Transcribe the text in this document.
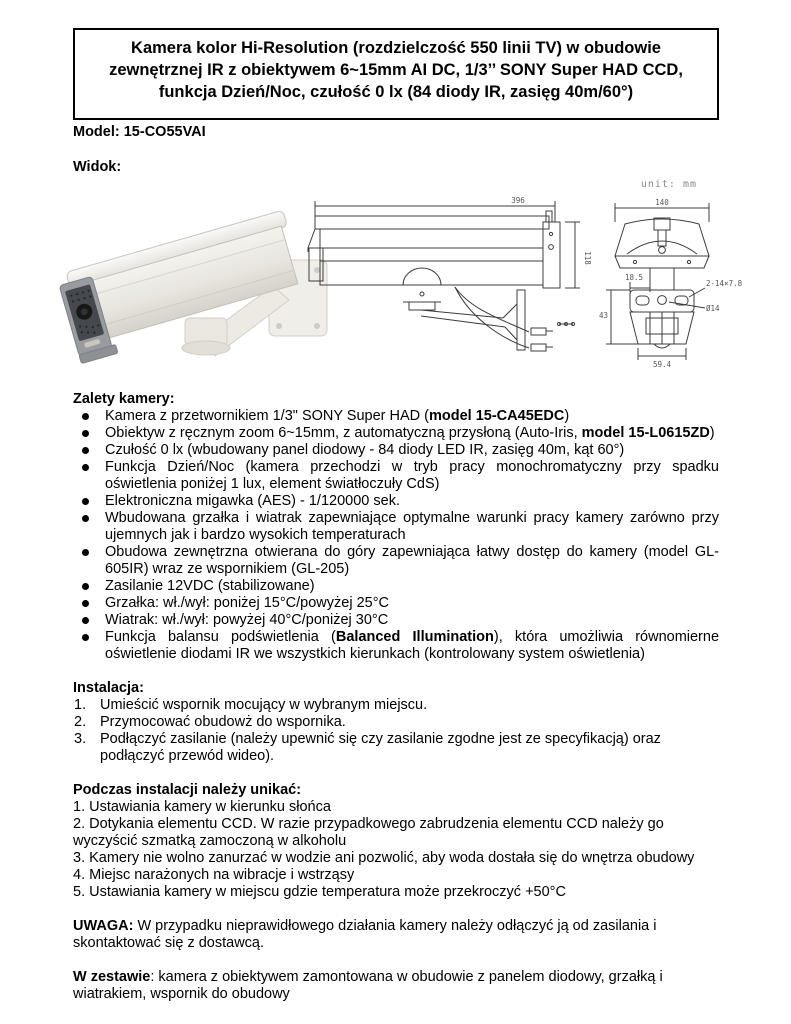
Kamera kolor Hi-Resolution (rozdzielczość 550 linii TV) w obudowie
zewnętrznej IR z obiektywem 6~15mm AI DC, 1/3’’ SONY Super HAD CCD,
funkcja Dzień/Noc, czułość 0 lx (84 diody IR, zasięg 40m/60°)
Model: 15-CO55VAI
Widok:
unit: mm
396
118
140
59.4
2-14×7.8
Ø14
18.5
43
Zalety kamery:
Kamera z przetwornikiem 1/3" SONY Super HAD (model 15-CA45EDC)
Obiektyw z ręcznym zoom 6~15mm, z automatyczną przysłoną (Auto-Iris, model 15-L0615ZD)
Czułość 0 lx (wbudowany panel diodowy - 84 diody LED IR, zasięg 40m, kąt 60°)
Funkcja Dzień/Noc (kamera przechodzi w tryb pracy monochromatyczny przy spadku oświetlenia poniżej 1 lux, element światłoczuły CdS)
Elektroniczna migawka (AES) - 1/120000 sek.
Wbudowana grzałka i wiatrak zapewniające optymalne warunki pracy kamery zarówno przy ujemnych jak i bardzo wysokich temperaturach
Obudowa zewnętrzna otwierana do góry zapewniająca łatwy dostęp do kamery (model GL-605IR) wraz ze wspornikiem (GL-205)
Zasilanie 12VDC (stabilizowane)
Grzałka: wł./wył: poniżej 15°C/powyżej 25°C
Wiatrak: wł./wył: powyżej 40°C/poniżej 30°C
Funkcja balansu podświetlenia (Balanced Illumination), która umożliwia równomierne oświetlenie diodami IR we wszystkich kierunkach (kontrolowany system oświetlenia)
Instalacja:
Umieścić wspornik mocujący w wybranym miejscu.
Przymocować obudowż do wspornika.
Podłączyć zasilanie (należy upewnić się czy zasilanie zgodne jest ze specyfikacją) oraz podłączyć przewód wideo).
Podczas instalacji należy unikać:

1. Ustawiania kamery w kierunku słońca

2. Dotykania elementu CCD. W razie przypadkowego zabrudzenia elementu CCD należy go wyczyścić szmatką zamoczoną w alkoholu

3. Kamery nie wolno zanurzać w wodzie ani pozwolić, aby woda dostała się do wnętrza obudowy

4. Miejsc narażonych na wibracje i wstrząsy

5. Ustawiania kamery w miejscu gdzie temperatura może przekroczyć +50°C

UWAGA: W przypadku nieprawidłowego działania kamery należy odłączyć ją od zasilania i skontaktować się z dostawcą.

W zestawie: kamera z obiektywem zamontowana w obudowie z panelem diodowy, grzałką i wiatrakiem, wspornik do obudowy
